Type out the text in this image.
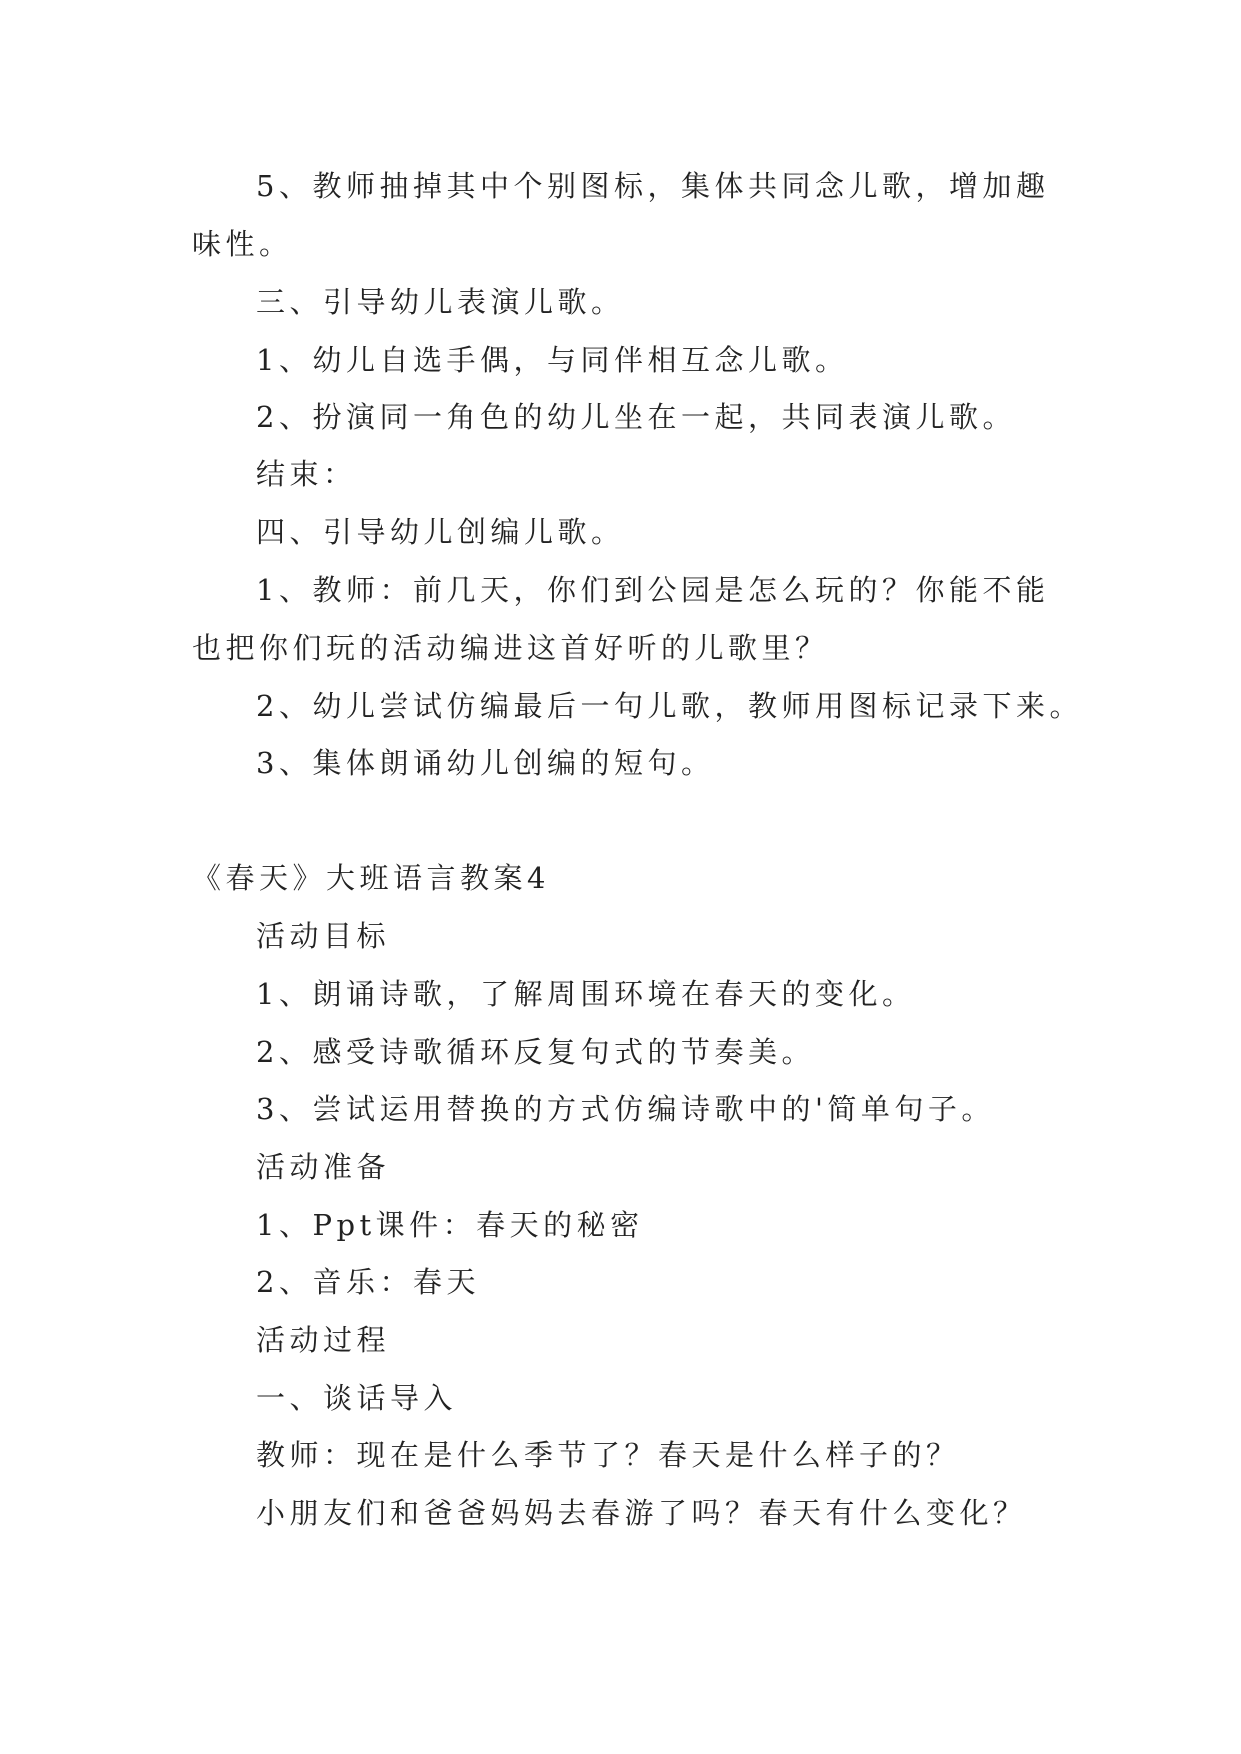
5、教师抽掉其中个别图标，集体共同念儿歌，增加趣
味性。
三、引导幼儿表演儿歌。
1、幼儿自选手偶，与同伴相互念儿歌。
2、扮演同一角色的幼儿坐在一起，共同表演儿歌。
结束：
四、引导幼儿创编儿歌。
1、教师：前几天，你们到公园是怎么玩的？你能不能
也把你们玩的活动编进这首好听的儿歌里？
2、幼儿尝试仿编最后一句儿歌，教师用图标记录下来。
3、集体朗诵幼儿创编的短句。
《春天》大班语言教案4
活动目标
1、朗诵诗歌，了解周围环境在春天的变化。
2、感受诗歌循环反复句式的节奏美。
3、尝试运用替换的方式仿编诗歌中的'简单句子。
活动准备
1、Ppt课件：春天的秘密
2、音乐：春天
活动过程
一、谈话导入
教师：现在是什么季节了？春天是什么样子的？
小朋友们和爸爸妈妈去春游了吗？春天有什么变化？
